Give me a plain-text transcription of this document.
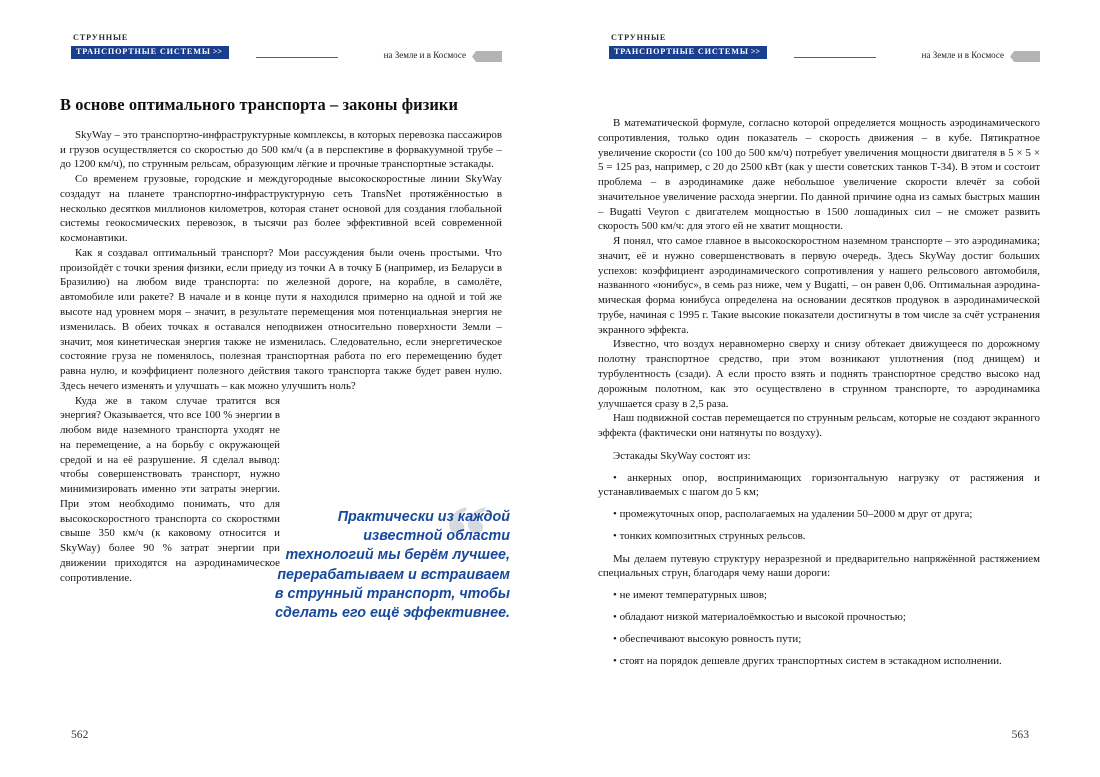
СТРУННЫЕ
ТРАНСПОРТНЫЕ СИСТЕМЫ >>	на Земле и в Космосе
В основе оптимального транспорта – законы физики

SkyWay – это транспортно-инфраструктурные комплексы, в которых перевозка пассажиров и грузов осуществляется со скоростью до 500 км/ч (а в перспективе в форвакуумной трубе – до 1200 км/ч), по струнным рельсам, образующим лёгкие и прочные транспортные эстакады.

Со временем грузовые, городские и междугородные высокоскоростные линии SkyWay создадут на планете транспортно-инфраструктурную сеть TransNet протяжённостью в несколько десятков миллионов километров, которая станет основой для создания глобальной системы геокосмических перевозок, в тысячи раз более эффективной всей современной космонавтики.

Как я создавал оптимальный транспорт? Мои рассуждения были очень простыми. Что произойдёт с точки зрения физики, если приеду из точки А в точку Б (например, из Беларуси в Бразилию) на любом виде транспорта: по железной дороге, на корабле, в самолёте, автомобиле или ракете? В начале и в конце пути я находился примерно на одной и той же высоте над уровнем моря – значит, в результате перемещения моя потенциальная энергия не изменилась. В обеих точках я оставался неподвижен относительно поверхности Земли – значит, моя кинетическая энергия также не изменилась. Следовательно, если энергетическое состояние груза не поменялось, полезная транспортная работа по его перемещению будет равна нулю, и коэффициент полезного действия такого транспорта также будет равен нулю. Здесь нечего изменять и улучшать – как можно улучшить ноль?

Куда же в таком случае тратится вся энергия? Оказывается, что все 100 % энергии в любом виде наземного транспорта уходят не на перемещение, а на борьбу с окружающей средой и на её разрушение. Я сделал вывод: чтобы совершенствовать транспорт, нужно минимизировать именно эти затраты энергии. При этом необходимо понимать, что для высокоскоростного транспорта со скоростями свыше 350 км/ч (к каковому относится и SkyWay) более 90 % затрат энергии при движении приходятся на аэродинамическое сопротивление.	“
Практически из каждой известной области технологий мы берём лучшее, перерабатываем и встраиваем в струнный транспорт, чтобы сделать его ещё эффективнее.
562
СТРУННЫЕ
ТРАНСПОРТНЫЕ СИСТЕМЫ >>	на Земле и в Космосе

В математической формуле, согласно которой определяется мощность аэродинамического сопротивления, только один показатель – скорость движения – в кубе. Пятикратное увеличение скорости (со 100 до 500 км/ч) потребует увеличения мощности двигателя в 5 × 5 × 5 = 125 раз, например, с 20 до 2500 кВт (как у шести советских танков Т-34). В этом и состоит проблема – в аэродинамике даже небольшое увеличение скорости влечёт за собой значительное увеличение расхода энергии. По данной причине одна из самых быстрых машин – Bugatti Veyron с двигателем мощностью в 1500 лошадиных сил – не сможет развить скорость 500 км/ч: для этого ей не хватит мощности.

Я понял, что самое главное в высокоскоростном наземном транспорте – это аэродинамика; значит, её и нужно совершенствовать в первую очередь. Здесь SkyWay достиг больших успехов: коэффициент аэродинамического сопротивления у нашего рельсового автомобиля, названного «юнибус», в семь раз ниже, чем у Bugatti, – он равен 0,06. Оптимальная аэродинамическая форма юнибуса определена на основании десятков продувок в аэродинамической трубе, начиная с 1995 г. Такие высокие показатели достигнуты в том числе за счёт устранения экранного эффекта.

Известно, что воздух неравномерно сверху и снизу обтекает движущееся по дорожному полотну транспортное средство, при этом возникают уплотнения (под днищем) и турбулентность (сзади). А если просто взять и поднять транспортное средство высоко над дорожным полотном, как это осуществлено в струнном транспорте, то аэродинамика улучшается сразу в 2,5 раза.

Наш подвижной состав перемещается по струнным рельсам, которые не создают экранного эффекта (фактически они натянуты по воздуху).

Эстакады SkyWay состоят из:

• анкерных опор, воспринимающих горизонтальную нагрузку от растяжения и устанавливаемых с шагом до 5 км;

• промежуточных опор, располагаемых на удалении 50–2000 м друг от друга;

• тонких композитных струнных рельсов.

Мы делаем путевую структуру неразрезной и предварительно напряжённой растяжением специальных струн, благодаря чему наши дороги:

• не имеют температурных швов;

• обладают низкой материалоёмкостью и высокой прочностью;

• обеспечивают высокую ровность пути;

• стоят на порядок дешевле других транспортных систем в эстакадном исполнении.

563
